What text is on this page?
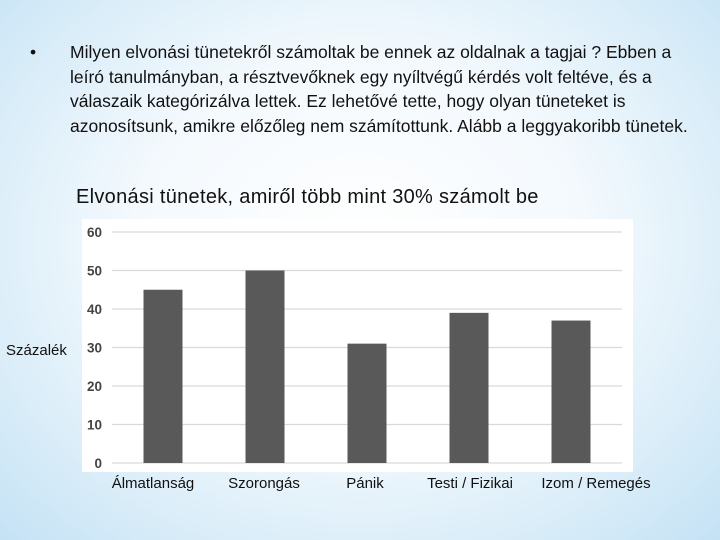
• Milyen elvonási tünetekről számoltak be ennek az oldalnak a tagjai ? Ebben a leíró tanulmányban, a résztvevőknek egy nyíltvégű kérdés volt feltéve, és a válaszaik kategórizálva lettek. Ez lehetővé tette, hogy olyan tüneteket is azonosítsunk, amikre előzőleg nem számítottunk. Alább a leggyakoribb tünetek.
Elvonási tünetek, amiről több mint 30% számolt be
Százalék
0
10
20
30
40
50
60
Álmatlanság Szorongás	Pánik	Testi / Fizikai Izom / Remegés
